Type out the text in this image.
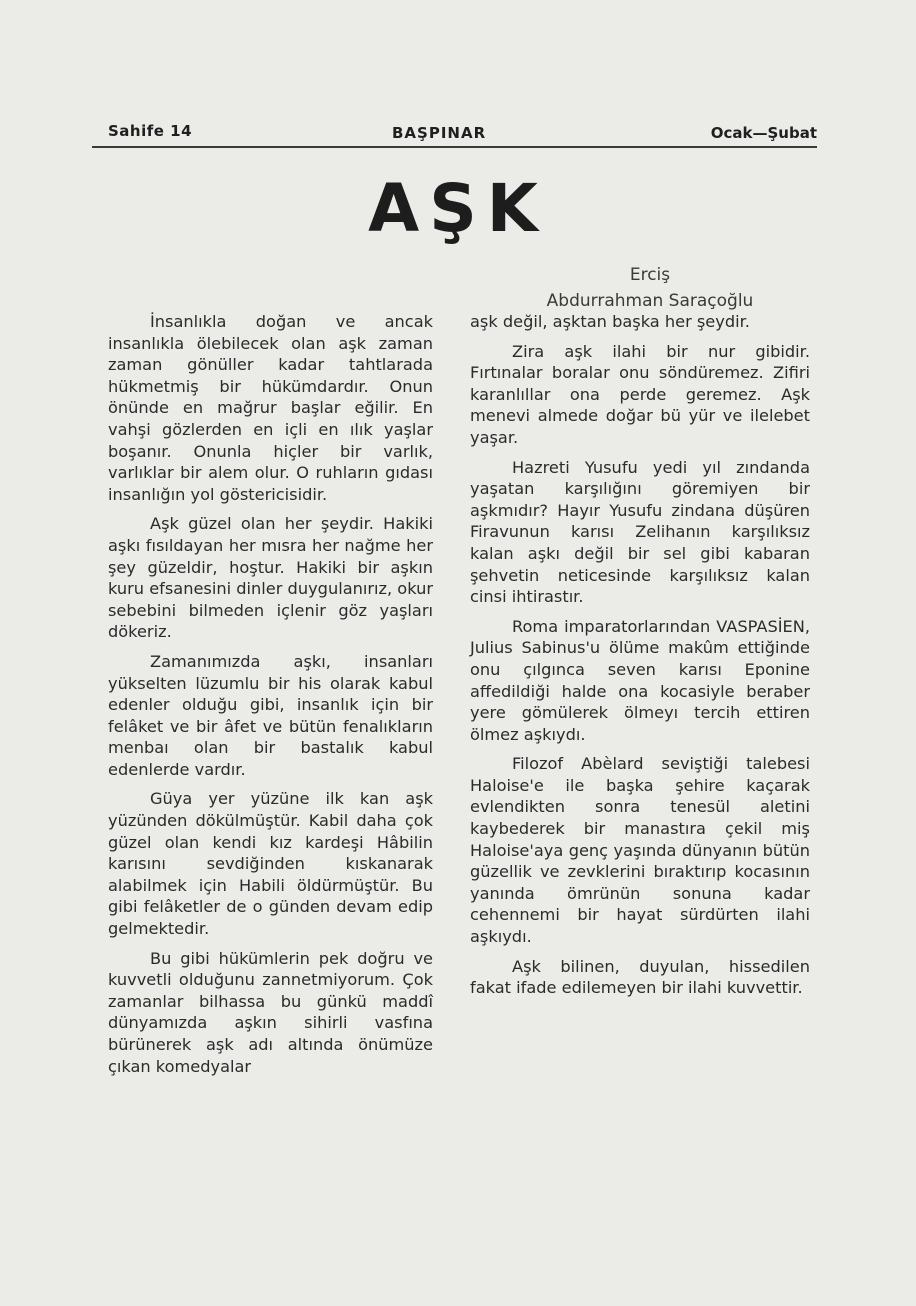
Sahife 14	BAŞPINAR	Ocak—Şubat
AŞK
Erciş
Abdurrahman Saraçoğlu

İnsanlıkla doğan ve ancak insanlıkla ölebilecek olan aşk zaman zaman gönüller kadar tahtlarada hükmetmiş bir hükümdardır. Onun önünde en mağrur başlar eğilir. En vahşi gözlerden en içli en ılık yaşlar boşanır. Onunla hiçler bir varlık, varlıklar bir alem olur. O ruhların gıdası insanlığın yol göstericisidir.

Aşk güzel olan her şeydir. Hakiki aşkı fısıldayan her mısra her nağme her şey güzeldir, hoştur. Hakiki bir aşkın kuru efsanesini dinler duygulanırız, okur sebebini bilmeden içlenir göz yaşları dökeriz.

Zamanımızda aşkı, insanları yükselten lüzumlu bir his olarak kabul edenler olduğu gibi, insanlık için bir felâket ve bir âfet ve bütün fenalıkların menbaı olan bir bastalık kabul edenlerde vardır.

Güya yer yüzüne ilk kan aşk yüzünden dökülmüştür. Kabil daha çok güzel olan kendi kız kardeşi Hâbilin karısını sevdiğinden kıskanarak alabilmek için Habili öldürmüştür. Bu gibi felâketler de o günden devam edip gelmektedir.

Bu gibi hükümlerin pek doğru ve kuvvetli olduğunu zannetmiyorum. Çok zamanlar bilhassa bu günkü maddî dünyamızda aşkın sihirli vasfına bürünerek aşk adı altında önümüze çıkan komedyalar

aşk değil, aşktan başka her şeydir.

Zira aşk ilahi bir nur gibidir. Fırtınalar boralar onu söndüremez. Zifiri karanlıllar ona perde geremez. Aşk menevi almede doğar bü yür ve ilelebet yaşar.

Hazreti Yusufu yedi yıl zındanda yaşatan karşılığını göremiyen bir aşkmıdır? Hayır Yusufu zindana düşüren Firavunun karısı Zelihanın karşılıksız kalan aşkı değil bir sel gibi kabaran şehvetin neticesinde karşılıksız kalan cinsi ihtirastır.

Roma imparatorlarından VASPASİEN, Julius Sabinus'u ölüme makûm ettiğinde onu çılgınca seven karısı Eponine affedildiği halde ona kocasiyle beraber yere gömülerek ölmeyı tercih ettiren ölmez aşkıydı.

Filozof Abèlard seviştiği talebesi Haloise'e ile başka şehire kaçarak evlendikten sonra tenesül aletini kaybederek bir manastıra çekil miş Haloise'aya genç yaşında dünyanın bütün güzellik ve zevklerini bıraktırıp kocasının yanında ömrünün sonuna kadar cehennemi bir hayat sürdürten ilahi aşkıydı.

Aşk bilinen, duyulan, hissedilen fakat ifade edilemeyen bir ilahi kuvvettir.
